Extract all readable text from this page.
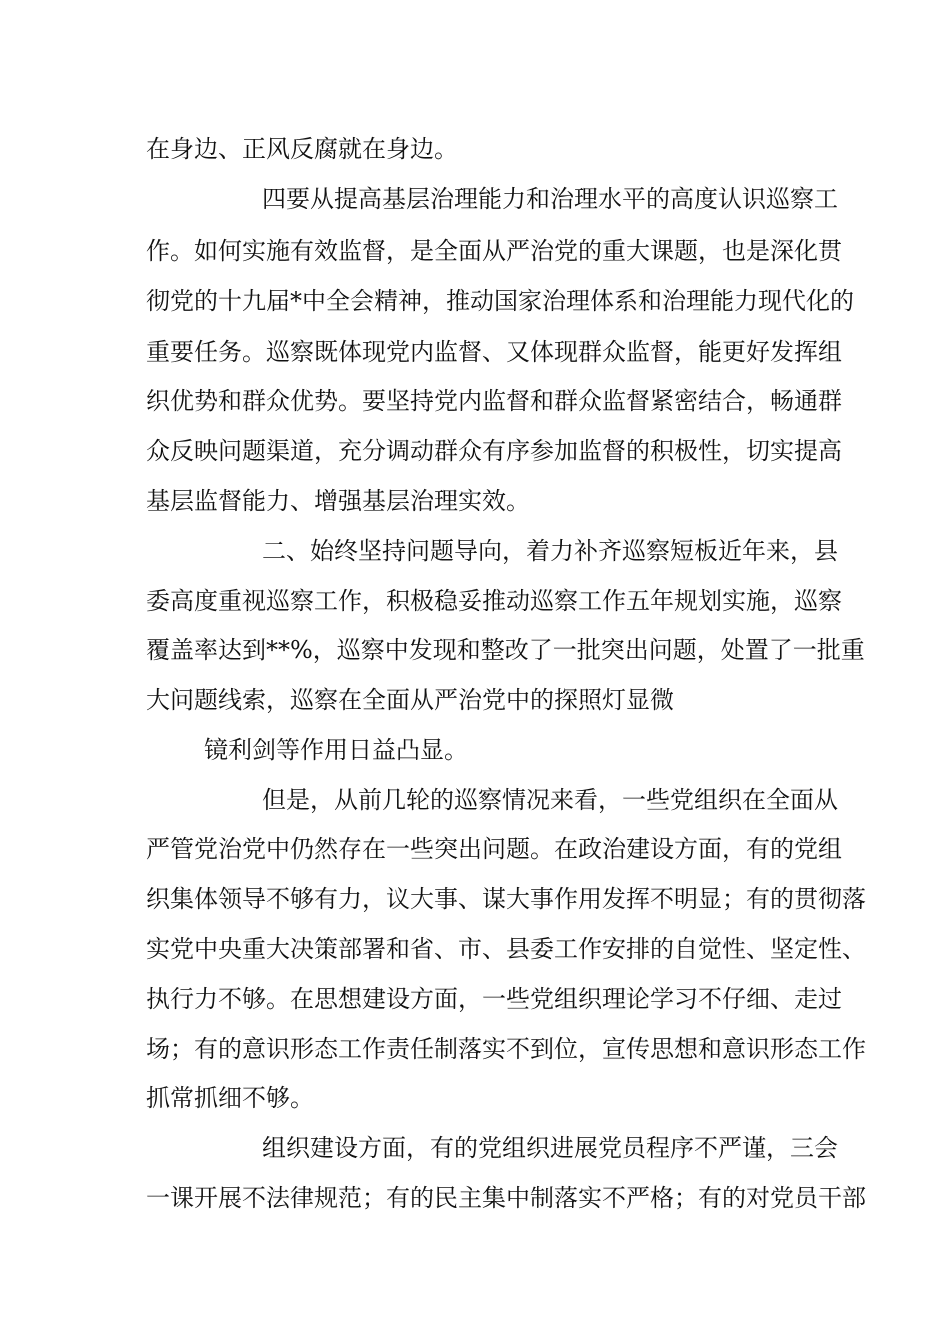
在身边、正风反腐就在身边。
四要从提高基层治理能力和治理水平的高度认识巡察工
作。如何实施有效监督，是全面从严治党的重大课题，也是深化贯
彻党的十九届*中全会精神，推动国家治理体系和治理能力现代化的
重要任务。巡察既体现党内监督、又体现群众监督，能更好发挥组
织优势和群众优势。要坚持党内监督和群众监督紧密结合，畅通群
众反映问题渠道，充分调动群众有序参加监督的积极性，切实提高
基层监督能力、增强基层治理实效。
二、始终坚持问题导向，着力补齐巡察短板近年来，县
委高度重视巡察工作，积极稳妥推动巡察工作五年规划实施，巡察
覆盖率达到**%，巡察中发现和整改了一批突出问题，处置了一批重
大问题线索，巡察在全面从严治党中的探照灯显微
镜利剑等作用日益凸显。
但是，从前几轮的巡察情况来看，一些党组织在全面从
严管党治党中仍然存在一些突出问题。在政治建设方面，有的党组
织集体领导不够有力，议大事、谋大事作用发挥不明显；有的贯彻落
实党中央重大决策部署和省、市、县委工作安排的自觉性、坚定性、
执行力不够。在思想建设方面，一些党组织理论学习不仔细、走过
场；有的意识形态工作责任制落实不到位，宣传思想和意识形态工作
抓常抓细不够。
组织建设方面，有的党组织进展党员程序不严谨，三会
一课开展不法律规范；有的民主集中制落实不严格；有的对党员干部
